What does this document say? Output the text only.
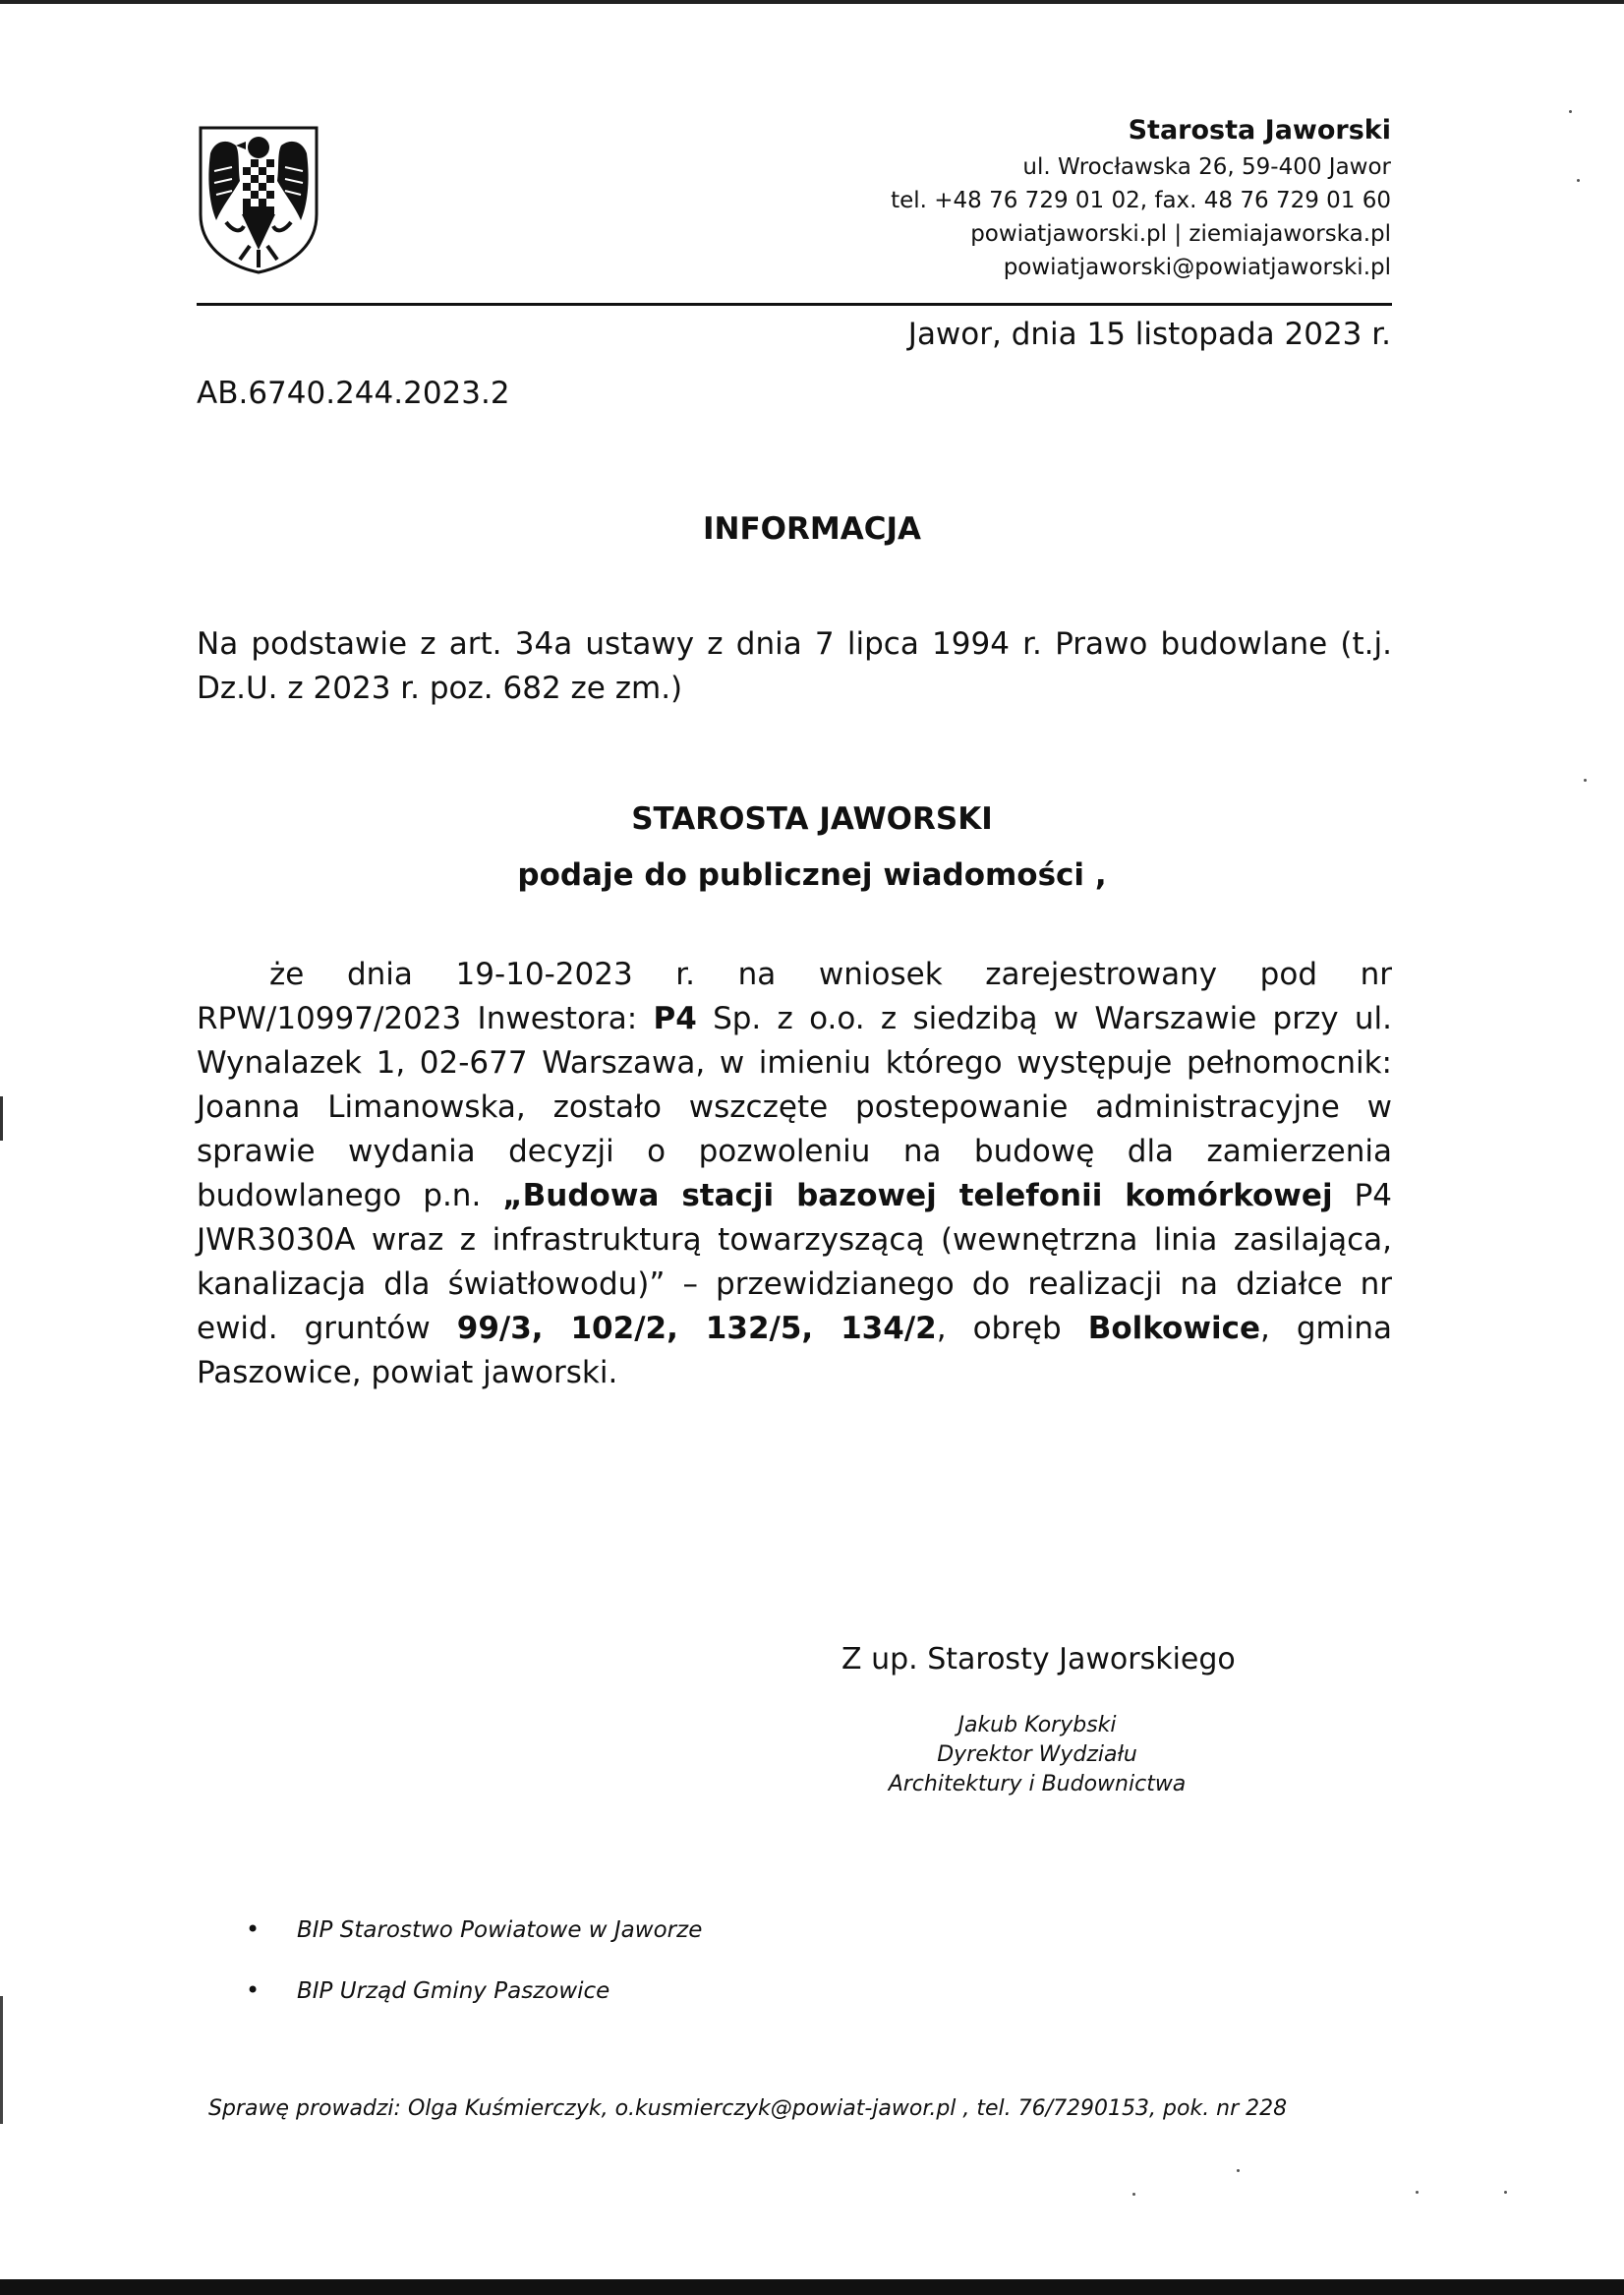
Starosta Jaworski
ul. Wrocławska 26, 59-400 Jawor
tel. +48 76 729 01 02, fax. 48 76 729 01 60
powiatjaworski.pl | ziemiajaworska.pl
powiatjaworski@powiatjaworski.pl
Jawor, dnia 15 listopada 2023 r.
AB.6740.244.2023.2
INFORMACJA
Na podstawie z art. 34a ustawy z dnia 7 lipca 1994 r. Prawo budowlane (t.j. Dz.U. z 2023 r. poz. 682 ze zm.)
STAROSTA JAWORSKI
podaje do publicznej wiadomości ,
że dnia 19-10-2023 r. na wniosek zarejestrowany pod nr RPW/10997/2023 Inwestora: P4 Sp. z o.o. z siedzibą w Warszawie przy ul. Wynalazek 1, 02-677 Warszawa, w imieniu którego występuje pełnomocnik: Joanna Limanowska, zostało wszczęte postepowanie administracyjne w sprawie wydania decyzji o pozwoleniu na budowę dla zamierzenia budowlanego p.n. „Budowa stacji bazowej telefonii komórkowej P4 JWR3030A wraz z infrastrukturą towarzyszącą (wewnętrzna linia zasilająca, kanalizacja dla światłowodu)” – przewidzianego do realizacji na działce nr ewid. gruntów 99/3, 102/2, 132/5, 134/2, obręb Bolkowice, gmina Paszowice, powiat jaworski.
Z up. Starosty Jaworskiego
Jakub Korybski
Dyrektor Wydziału
Architektury i Budownictwa
• BIP Starostwo Powiatowe w Jaworze
• BIP Urząd Gminy Paszowice
Sprawę prowadzi: Olga Kuśmierczyk, o.kusmierczyk@powiat-jawor.pl , tel. 76/7290153, pok. nr 228
